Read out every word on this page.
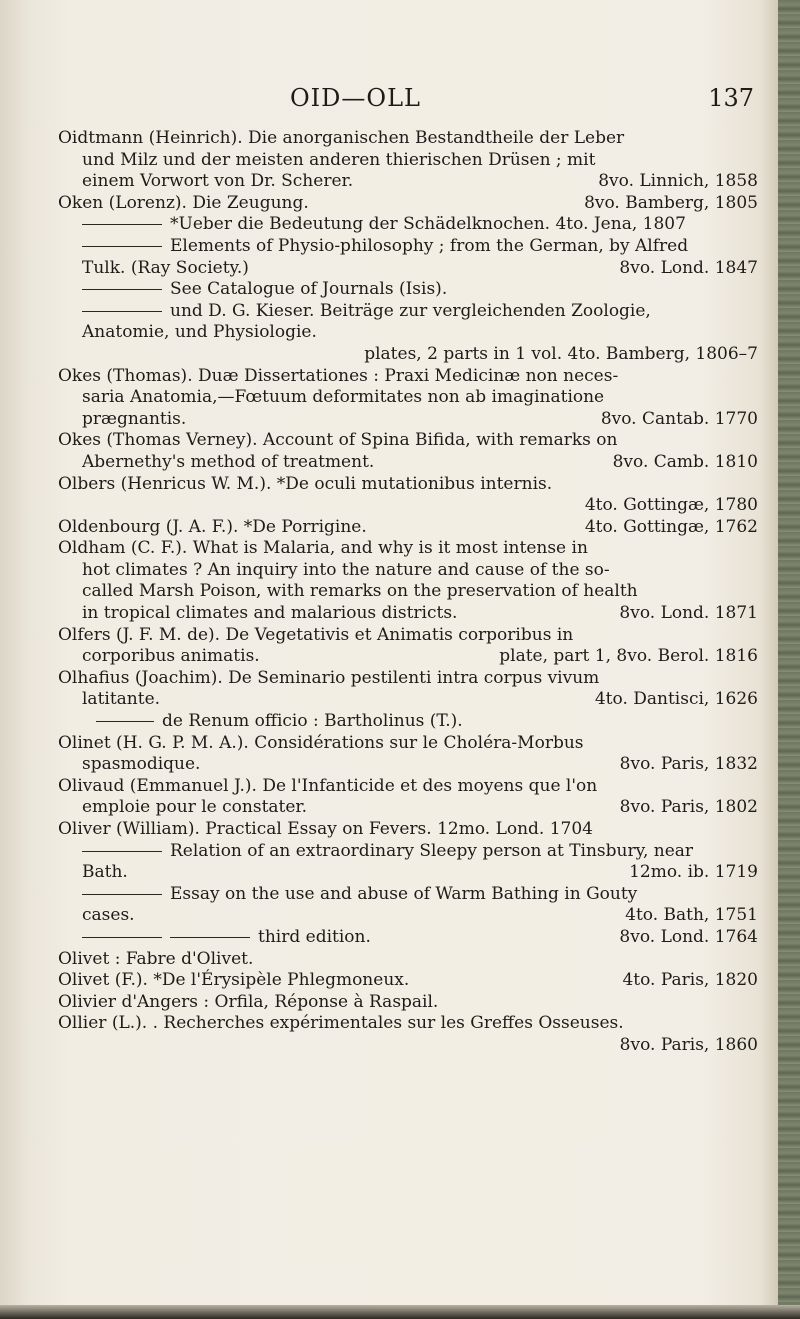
OID—OLL	137
Oidtmann (Heinrich). Die anorganischen Bestandtheile der Leber
und Milz und der meisten anderen thierischen Drüsen ; mit
einem Vorwort von Dr. Scherer.	8vo. Linnich, 1858
Oken (Lorenz). Die Zeugung.	8vo. Bamberg, 1805
*Ueber die Bedeutung der Schädelknochen. 4to. Jena, 1807
Elements of Physio-philosophy ; from the German, by Alfred
Tulk. (Ray Society.)	8vo. Lond. 1847
See Catalogue of Journals (Isis).
und D. G. Kieser. Beiträge zur vergleichenden Zoologie,
Anatomie, und Physiologie.
plates, 2 parts in 1 vol. 4to. Bamberg, 1806–7
Okes (Thomas). Duæ Dissertationes : Praxi Medicinæ non neces-
saria Anatomia,—Fœtuum deformitates non ab imaginatione
prægnantis.	8vo. Cantab. 1770
Okes (Thomas Verney). Account of Spina Bifida, with remarks on
Abernethy's method of treatment.	8vo. Camb. 1810
Olbers (Henricus W. M.). *De oculi mutationibus internis.
4to. Gottingæ, 1780
Oldenbourg (J. A. F.). *De Porrigine.	4to. Gottingæ, 1762
Oldham (C. F.). What is Malaria, and why is it most intense in
hot climates ? An inquiry into the nature and cause of the so-
called Marsh Poison, with remarks on the preservation of health
in tropical climates and malarious districts.	8vo. Lond. 1871
Olfers (J. F. M. de). De Vegetativis et Animatis corporibus in
corporibus animatis.	plate, part 1, 8vo. Berol. 1816
Olhafius (Joachim). De Seminario pestilenti intra corpus vivum
latitante.	4to. Dantisci, 1626
de Renum officio : Bartholinus (T.).
Olinet (H. G. P. M. A.). Considérations sur le Choléra-Morbus
spasmodique.	8vo. Paris, 1832
Olivaud (Emmanuel J.). De l'Infanticide et des moyens que l'on
emploie pour le constater.	8vo. Paris, 1802
Oliver (William). Practical Essay on Fevers. 12mo. Lond. 1704
Relation of an extraordinary Sleepy person at Tinsbury, near
Bath.	12mo. ib. 1719
Essay on the use and abuse of Warm Bathing in Gouty
cases.	4to. Bath, 1751
third edition.	8vo. Lond. 1764
Olivet : Fabre d'Olivet.
Olivet (F.). *De l'Érysipèle Phlegmoneux.	4to. Paris, 1820
Olivier d'Angers : Orfila, Réponse à Raspail.
Ollier (L.). . Recherches expérimentales sur les Greffes Osseuses.
8vo. Paris, 1860
